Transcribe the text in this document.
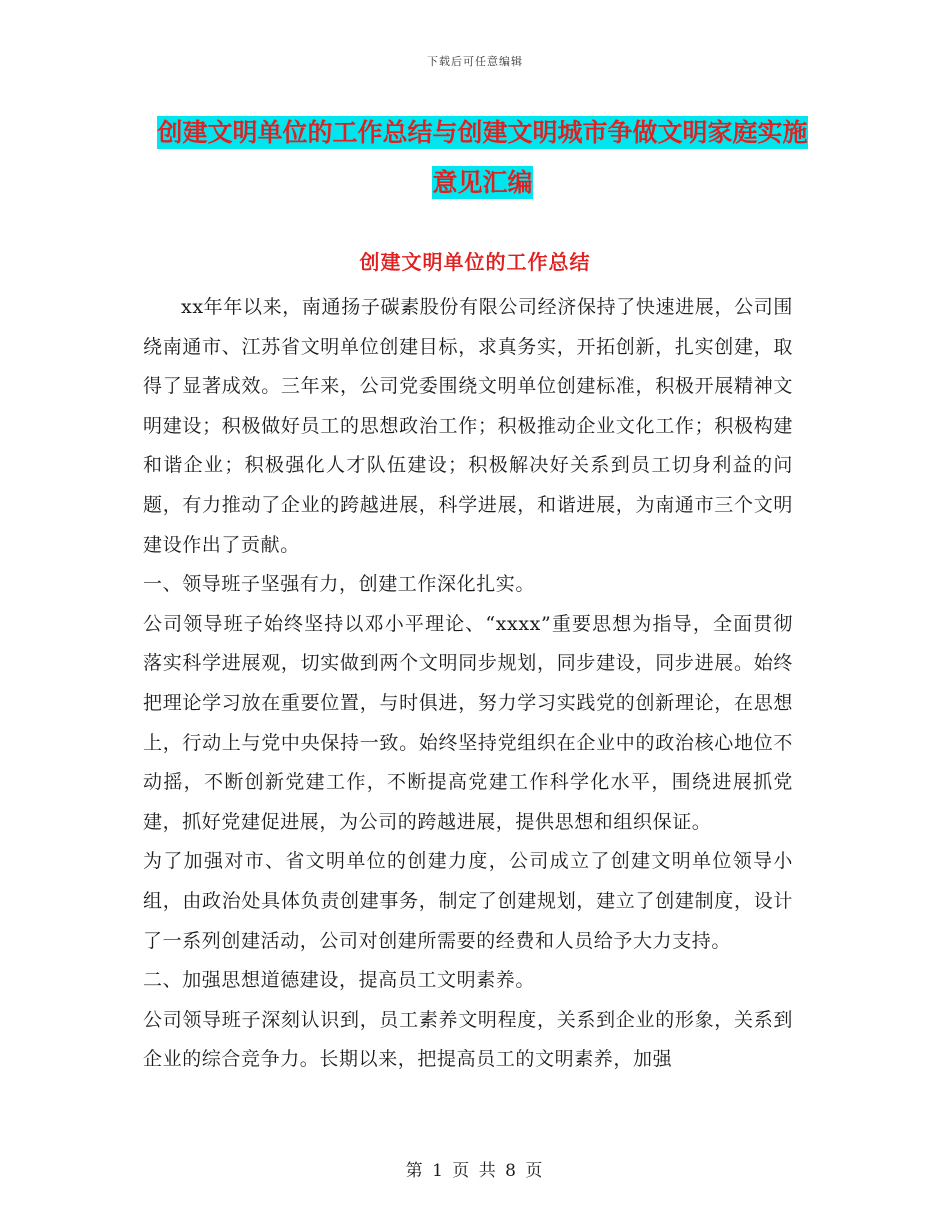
下载后可任意编辑
创建文明单位的工作总结与创建文明城市争做文明家庭实施意见汇编
创建文明单位的工作总结

xx年年以来，南通扬子碳素股份有限公司经济保持了快速进展，公司围绕南通市、江苏省文明单位创建目标，求真务实，开拓创新，扎实创建，取得了显著成效。三年来，公司党委围绕文明单位创建标准，积极开展精神文明建设；积极做好员工的思想政治工作；积极推动企业文化工作；积极构建和谐企业；积极强化人才队伍建设；积极解决好关系到员工切身利益的问题，有力推动了企业的跨越进展，科学进展，和谐进展，为南通市三个文明建设作出了贡献。

一、领导班子坚强有力，创建工作深化扎实。

公司领导班子始终坚持以邓小平理论、“xxxx”重要思想为指导，全面贯彻落实科学进展观，切实做到两个文明同步规划，同步建设，同步进展。始终把理论学习放在重要位置，与时俱进，努力学习实践党的创新理论，在思想上，行动上与党中央保持一致。始终坚持党组织在企业中的政治核心地位不动摇，不断创新党建工作，不断提高党建工作科学化水平，围绕进展抓党建，抓好党建促进展，为公司的跨越进展，提供思想和组织保证。

为了加强对市、省文明单位的创建力度，公司成立了创建文明单位领导小组，由政治处具体负责创建事务，制定了创建规划，建立了创建制度，设计了一系列创建活动，公司对创建所需要的经费和人员给予大力支持。

二、加强思想道德建设，提高员工文明素养。

公司领导班子深刻认识到，员工素养文明程度，关系到企业的形象，关系到企业的综合竞争力。长期以来，把提高员工的文明素养，加强

第 1 页 共 8 页
